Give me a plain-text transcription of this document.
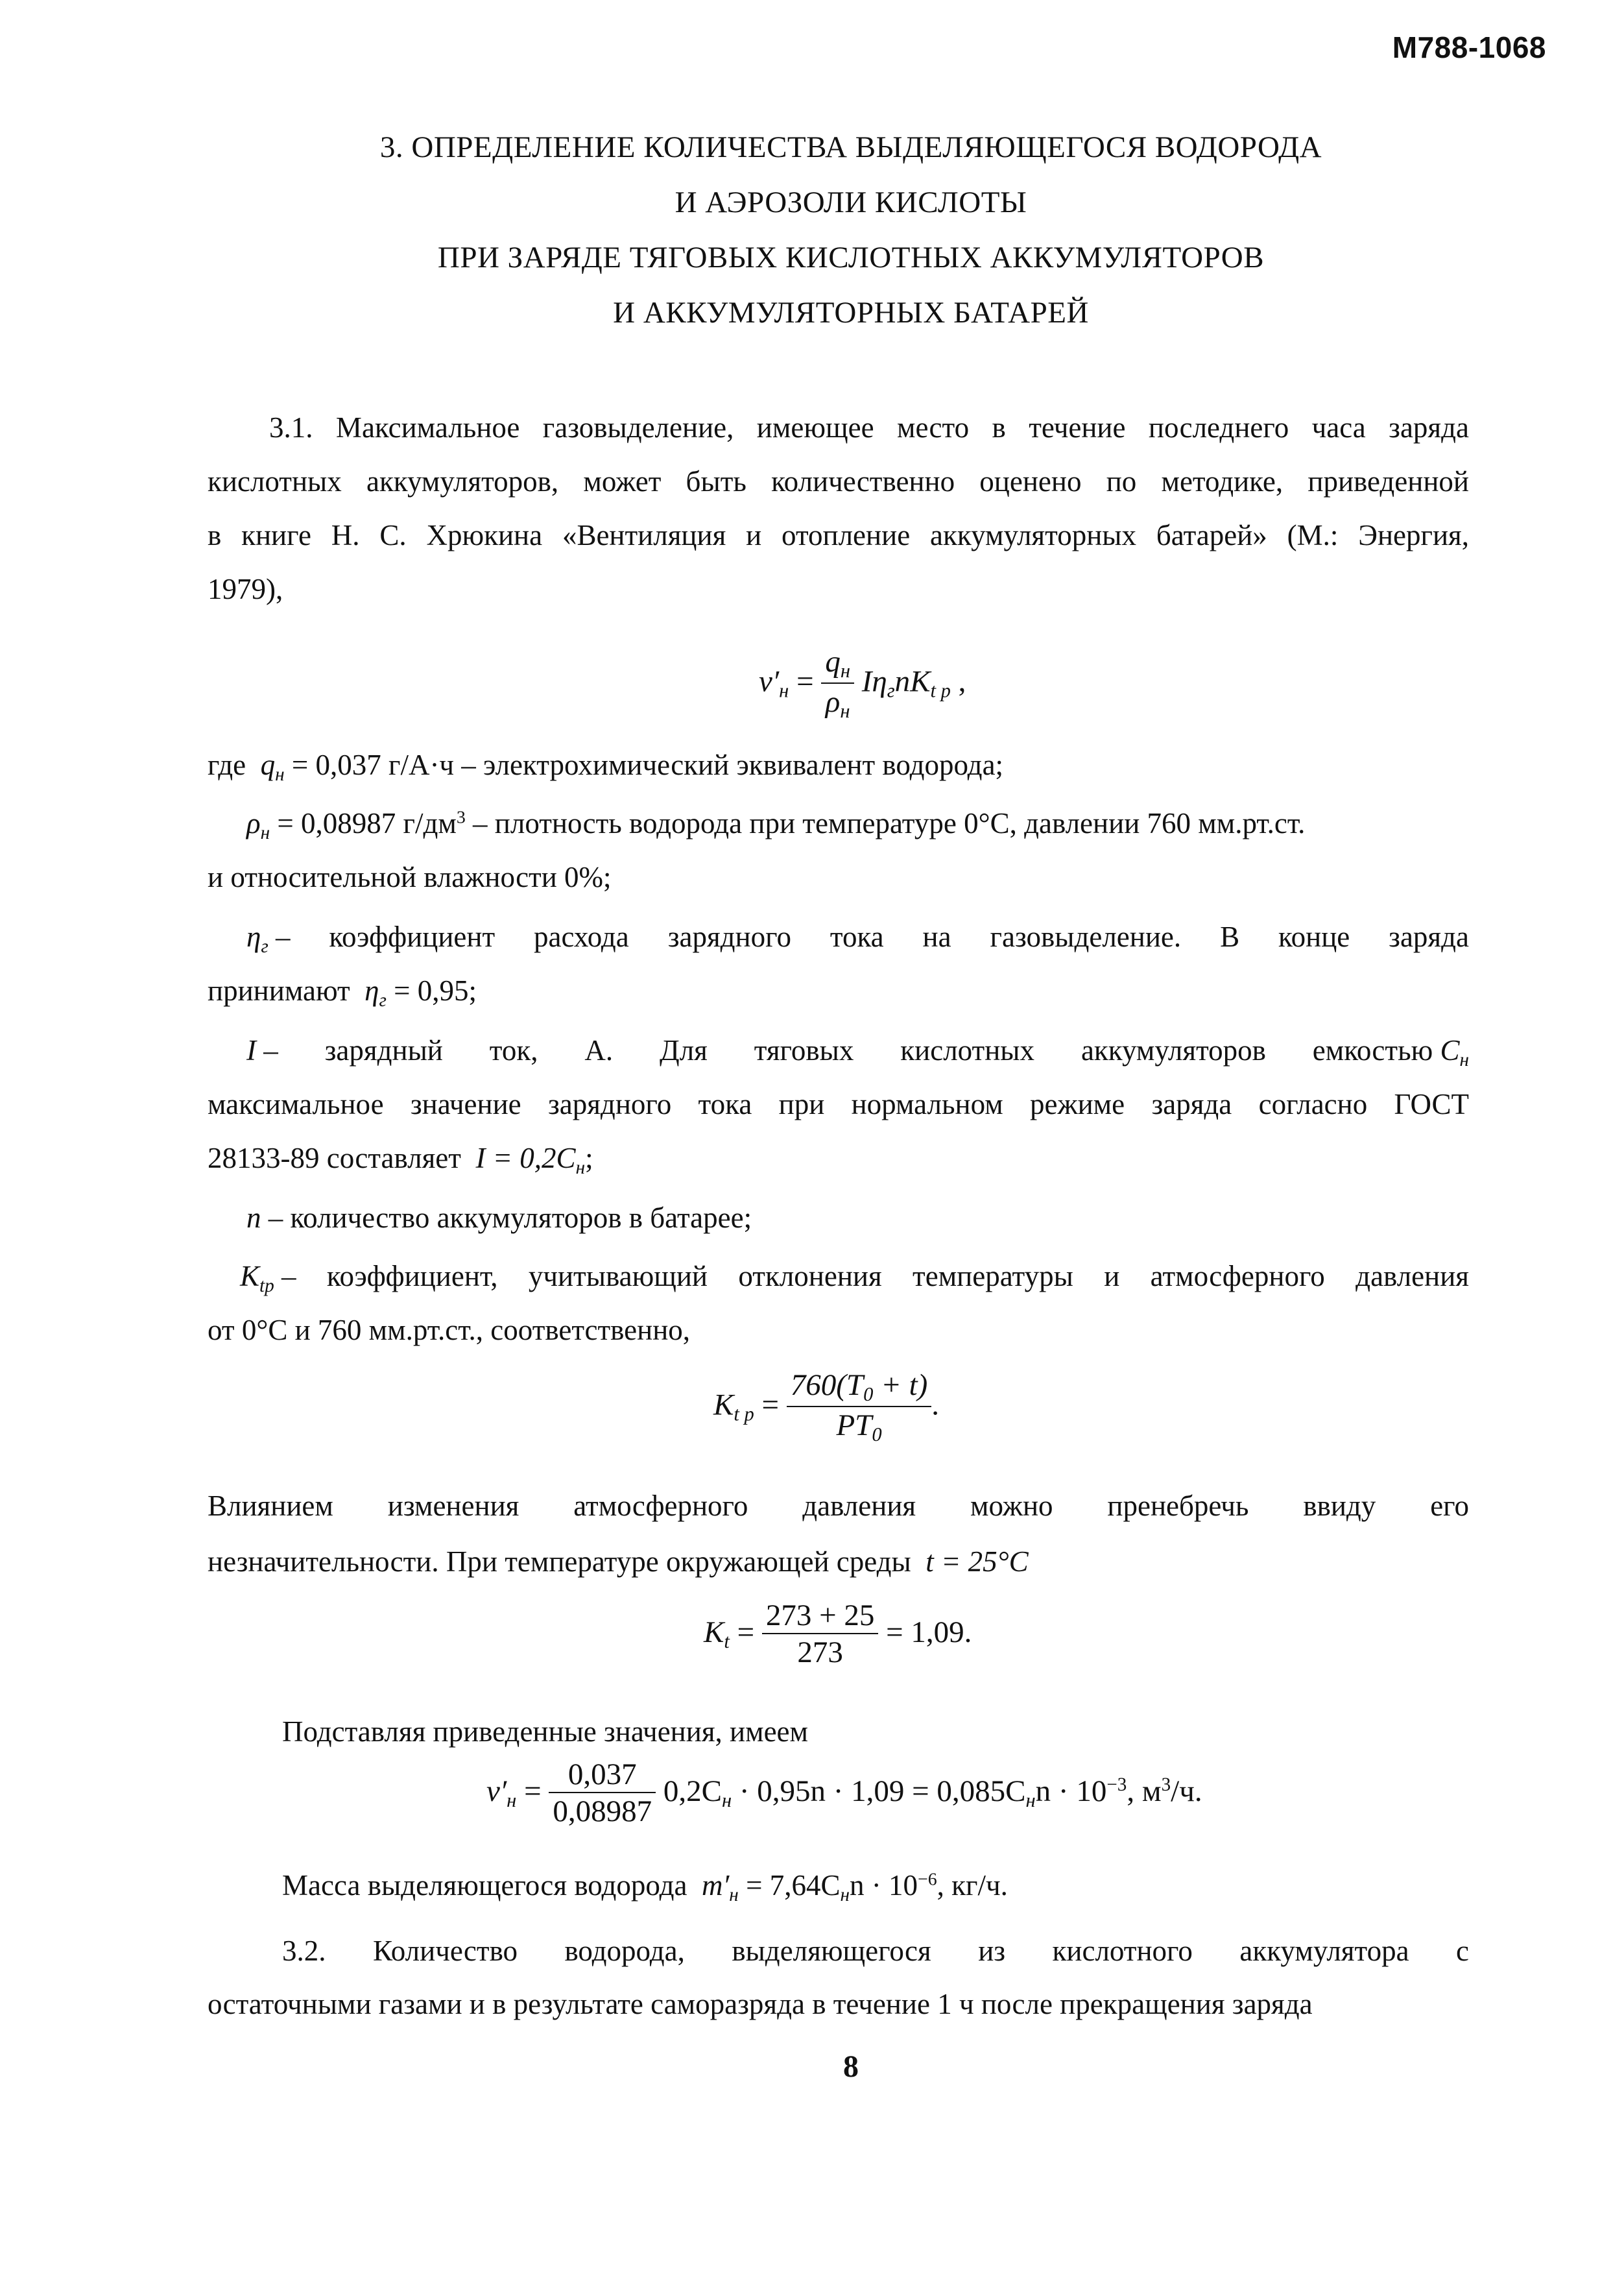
М788-1068
3. ОПРЕДЕЛЕНИЕ КОЛИЧЕСТВА ВЫДЕЛЯЮЩЕГОСЯ ВОДОРОДА
И АЭРОЗОЛИ КИСЛОТЫ
ПРИ ЗАРЯДЕ ТЯГОВЫХ КИСЛОТНЫХ АККУМУЛЯТОРОВ
И АККУМУЛЯТОРНЫХ БАТАРЕЙ
3.1. Максимальное газовыделение, имеющее место в течение последнего часа заряда
кислотных аккумуляторов, может быть количественно оценено по методике, приведенной
в книге Н. С. Хрюкина «Вентиляция и отопление аккумуляторных батарей» (М.: Энергия,
1979),
$v'_н = \frac{q_н}{\rho_н} I\eta_гnK_{t p}$ ,
где $q_н = 0,037$ г/А·ч – электрохимический эквивалент водорода;
$\rho_н = 0,08987$ $г/дм^3$ – плотность водорода при температуре 0°С, давлении 760 мм.рт.ст.
и относительной влажности 0%;
$\eta_г$ – коэффициент расхода зарядного тока на газовыделение. В конце заряда
принимают $\eta_г = 0,95$;
I – зарядный ток, А. Для тяговых кислотных аккумуляторов емкостью $C_н$
максимальное значение зарядного тока при нормальном режиме заряда согласно ГОСТ
28133-89 составляет $I = 0,2C_н$;
n – количество аккумуляторов в батарее;
$K_{tp}$ – коэффициент, учитывающий отклонения температуры и атмосферного давления
от 0°С и 760 мм.рт.ст., соответственно,
$K_{t p} = \frac{760(T_0 + t)}{PT_0}$ .
Влиянием изменения атмосферного давления можно пренебречь ввиду его
незначительности. При температуре окружающей среды t = 25°С
$K_t = \frac{273 + 25}{273} = 1,09$.
Подставляя приведенные значения, имеем
$v'_н = \frac{0,037}{0,08987} 0,2C_н \cdot 0,95n \cdot 1,09 = 0,085C_нn \cdot 10^{-3}$, $м^3/ч$.
Масса выделяющегося водорода $m'_н = 7,64C_нn \cdot 10^{-6}$, кг/ч.
3.2. Количество водорода, выделяющегося из кислотного аккумулятора с
остаточными газами и в результате саморазряда в течение 1 ч после прекращения заряда
8
